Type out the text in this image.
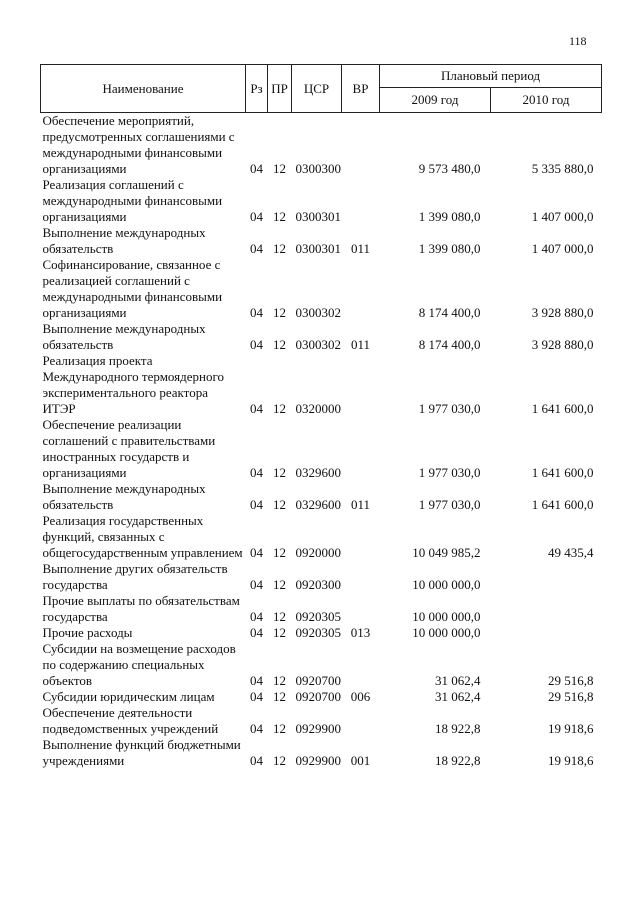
118
Наименование	Рз	ПР	ЦСР	ВР	Плановый период	
					2009 год	2010 год
Обеспечение мероприятий, предусмотренных соглашениями с международными финансовыми организациями	04	12	0300300		9 573 480,0	5 335 880,0
Реализация соглашений с международными финансовыми организациями	04	12	0300301		1 399 080,0	1 407 000,0
Выполнение международных обязательств	04	12	0300301	011	1 399 080,0	1 407 000,0
Софинансирование, связанное с реализацией соглашений с международными финансовыми организациями	04	12	0300302		8 174 400,0	3 928 880,0
Выполнение международных обязательств	04	12	0300302	011	8 174 400,0	3 928 880,0
Реализация проекта Международного термоядерного экспериментального реактора ИТЭР	04	12	0320000		1 977 030,0	1 641 600,0
Обеспечение реализации соглашений с правительствами иностранных государств и организациями	04	12	0329600		1 977 030,0	1 641 600,0
Выполнение международных обязательств	04	12	0329600	011	1 977 030,0	1 641 600,0
Реализация государственных функций, связанных с общегосударственным управлением	04	12	0920000		10 049 985,2	49 435,4
Выполнение других обязательств государства	04	12	0920300		10 000 000,0	
Прочие выплаты по обязательствам государства	04	12	0920305		10 000 000,0	
Прочие расходы	04	12	0920305	013	10 000 000,0	
Субсидии на возмещение расходов по содержанию специальных объектов	04	12	0920700		31 062,4	29 516,8
Субсидии юридическим лицам	04	12	0920700	006	31 062,4	29 516,8
Обеспечение деятельности подведомственных учреждений	04	12	0929900		18 922,8	19 918,6
Выполнение функций бюджетными учреждениями	04	12	0929900	001	18 922,8	19 918,6
